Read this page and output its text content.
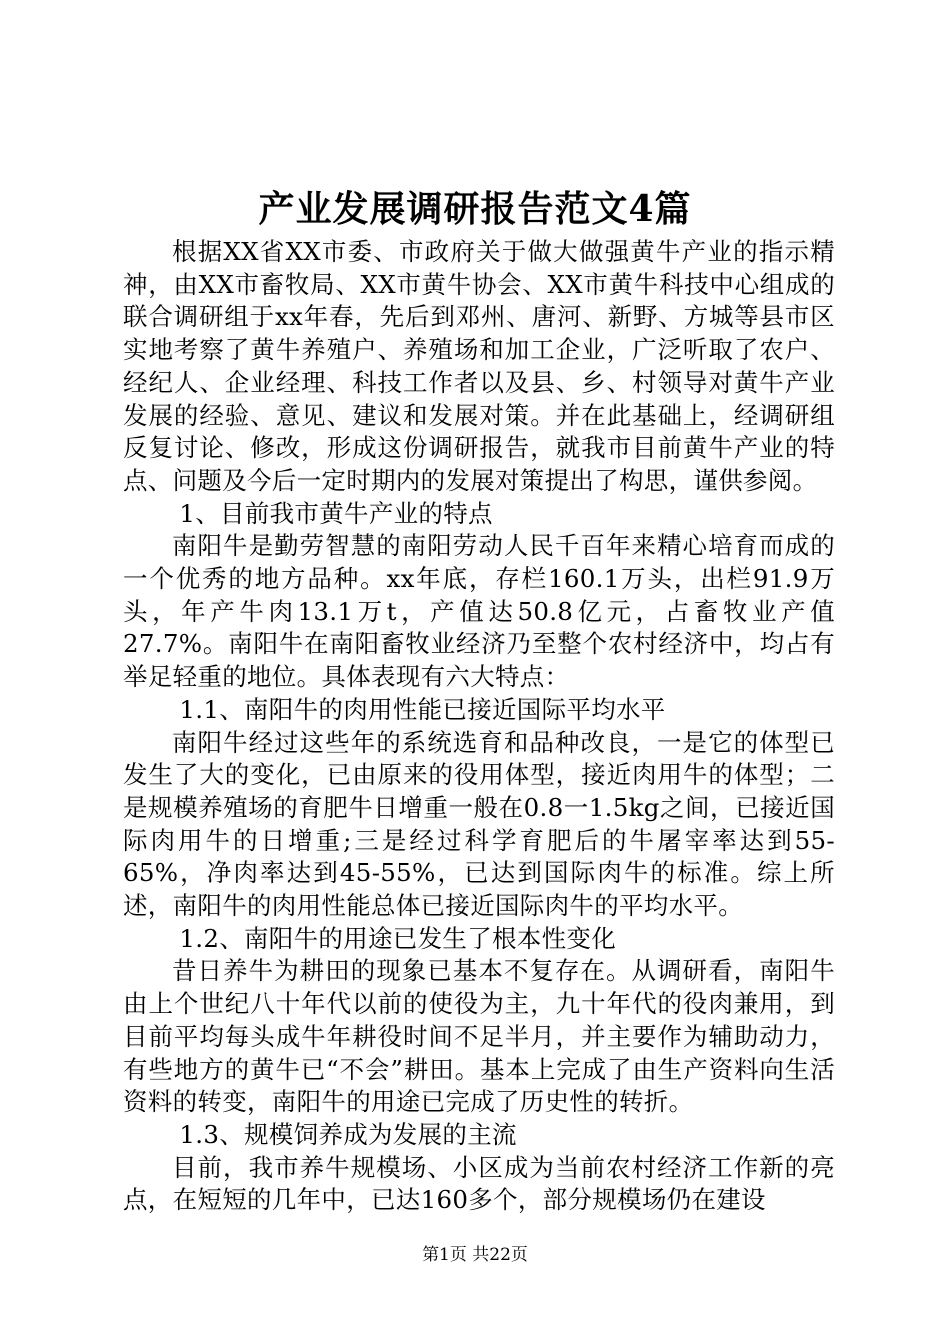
产业发展调研报告范文4篇

根据XX省XX市委、市政府关于做大做强黄牛产业的指示精神，由XX市畜牧局、XX市黄牛协会、XX市黄牛科技中心组成的联合调研组于xx年春，先后到邓州、唐河、新野、方城等县市区实地考察了黄牛养殖户、养殖场和加工企业，广泛听取了农户、经纪人、企业经理、科技工作者以及县、乡、村领导对黄牛产业发展的经验、意见、建议和发展对策。并在此基础上，经调研组反复讨论、修改，形成这份调研报告，就我市目前黄牛产业的特点、问题及今后一定时期内的发展对策提出了构思，谨供参阅。

1、目前我市黄牛产业的特点

南阳牛是勤劳智慧的南阳劳动人民千百年来精心培育而成的一个优秀的地方品种。xx年底，存栏160.1万头，出栏91.9万头，年产牛肉13.1万t，产值达50.8亿元，占畜牧业产值27.7%。南阳牛在南阳畜牧业经济乃至整个农村经济中，均占有举足轻重的地位。具体表现有六大特点：

1.1、南阳牛的肉用性能已接近国际平均水平

南阳牛经过这些年的系统选育和品种改良，一是它的体型已发生了大的变化，已由原来的役用体型，接近肉用牛的体型；二是规模养殖场的育肥牛日增重一般在0.8一1.5kg之间，已接近国际肉用牛的日增重;三是经过科学育肥后的牛屠宰率达到55-65%，净肉率达到45-55%，已达到国际肉牛的标准。综上所述，南阳牛的肉用性能总体已接近国际肉牛的平均水平。

1.2、南阳牛的用途已发生了根本性变化

昔日养牛为耕田的现象已基本不复存在。从调研看，南阳牛由上个世纪八十年代以前的使役为主，九十年代的役肉兼用，到目前平均每头成牛年耕役时间不足半月，并主要作为辅助动力，有些地方的黄牛已“不会”耕田。基本上完成了由生产资料向生活资料的转变，南阳牛的用途已完成了历史性的转折。

1.3、规模饲养成为发展的主流

目前，我市养牛规模场、小区成为当前农村经济工作新的亮点，在短短的几年中，已达160多个，部分规模场仍在建设

第1页 共22页
